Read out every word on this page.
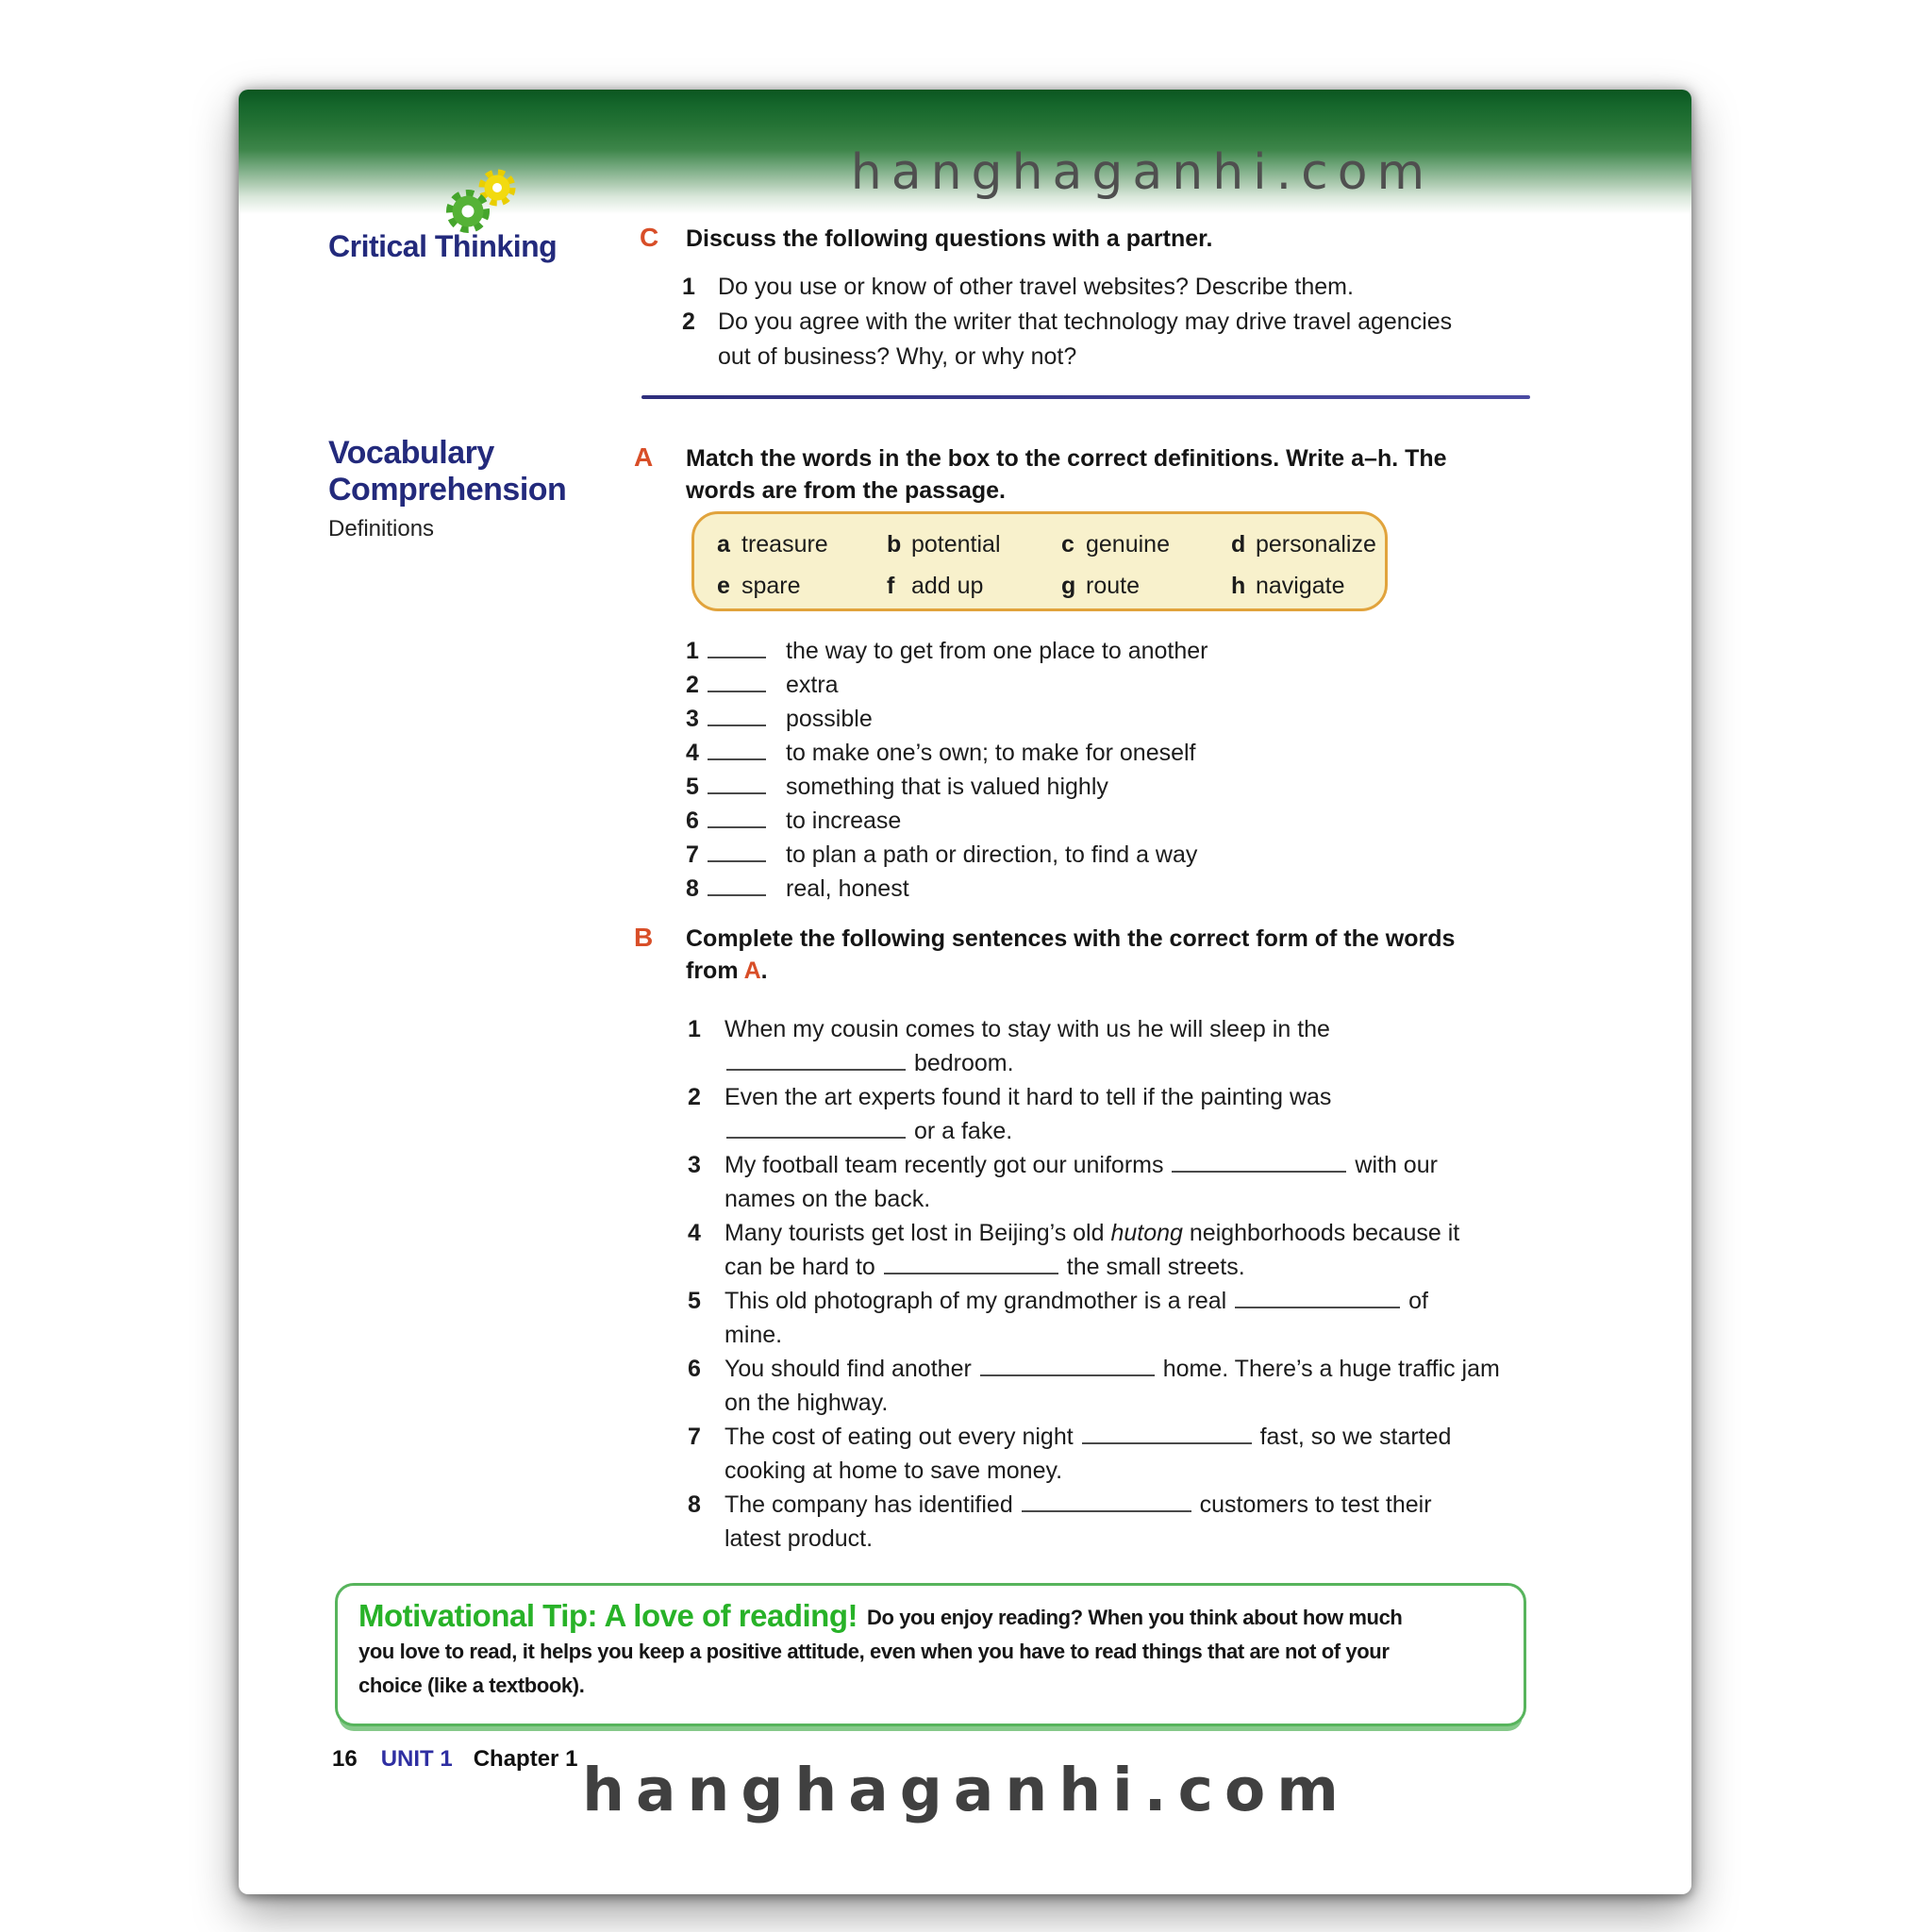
hanghaganhi.com
Critical Thinking	C Discuss the following questions with a partner.
1 Do you use or know of other travel websites? Describe them.
2 Do you agree with the writer that technology may drive travel agencies
out of business? Why, or why not?
Vocabulary
Comprehension
Definitions
A Match the words in the box to the correct definitions. Write a–h. The
words are from the passage.
a treasure b potential	c genuine	d personalize
e spare	f add up	g route	h navigate
1	the way to get from one place to another
2	extra
3	possible
4	to make one’s own; to make for oneself
5	something that is valued highly
6	to increase
7	to plan a path or direction, to find a way
8	real, honest
B Complete the following sentences with the correct form of the words
from A.
1	When my cousin comes to stay with us he will sleep in the
bedroom.
2	Even the art experts found it hard to tell if the painting was
or a fake.
3	My football team recently got our uniforms	with our
names on the back.
4	Many tourists get lost in Beijing’s old hutong neighborhoods because it
can be hard to	the small streets.
5	This old photograph of my grandmother is a real	of
mine.
6	You should find another	home. There’s a huge traffic jam
on the highway.
7	The cost of eating out every night	fast, so we started
cooking at home to save money.
8	The company has identified	customers to test their
latest product.
Motivational Tip: A love of reading! Do you enjoy reading? When you think about how much
you love to read, it helps you keep a positive attitude, even when you have to read things that are not of your
choice (like a textbook).
16 UNIT 1 Chapter 1 hanghaganhi.com
